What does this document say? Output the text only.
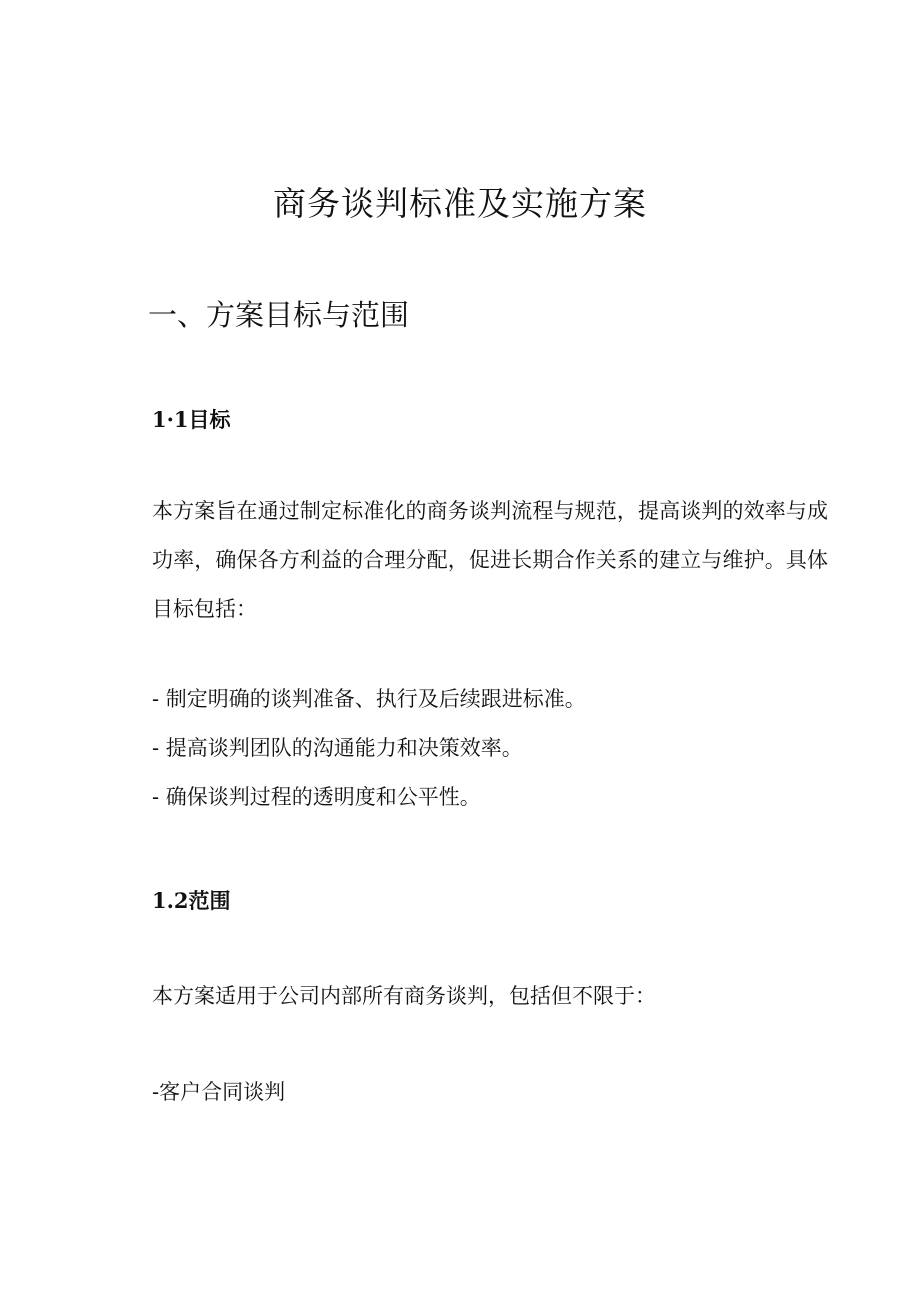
商务谈判标准及实施方案
一、方案目标与范围
1·1目标

本方案旨在通过制定标准化的商务谈判流程与规范，提高谈判的效率与成功率，确保各方利益的合理分配，促进长期合作关系的建立与维护。具体目标包括：

- 制定明确的谈判准备、执行及后续跟进标准。
- 提高谈判团队的沟通能力和决策效率。
- 确保谈判过程的透明度和公平性。
1.2范围

本方案适用于公司内部所有商务谈判，包括但不限于：

-客户合同谈判
